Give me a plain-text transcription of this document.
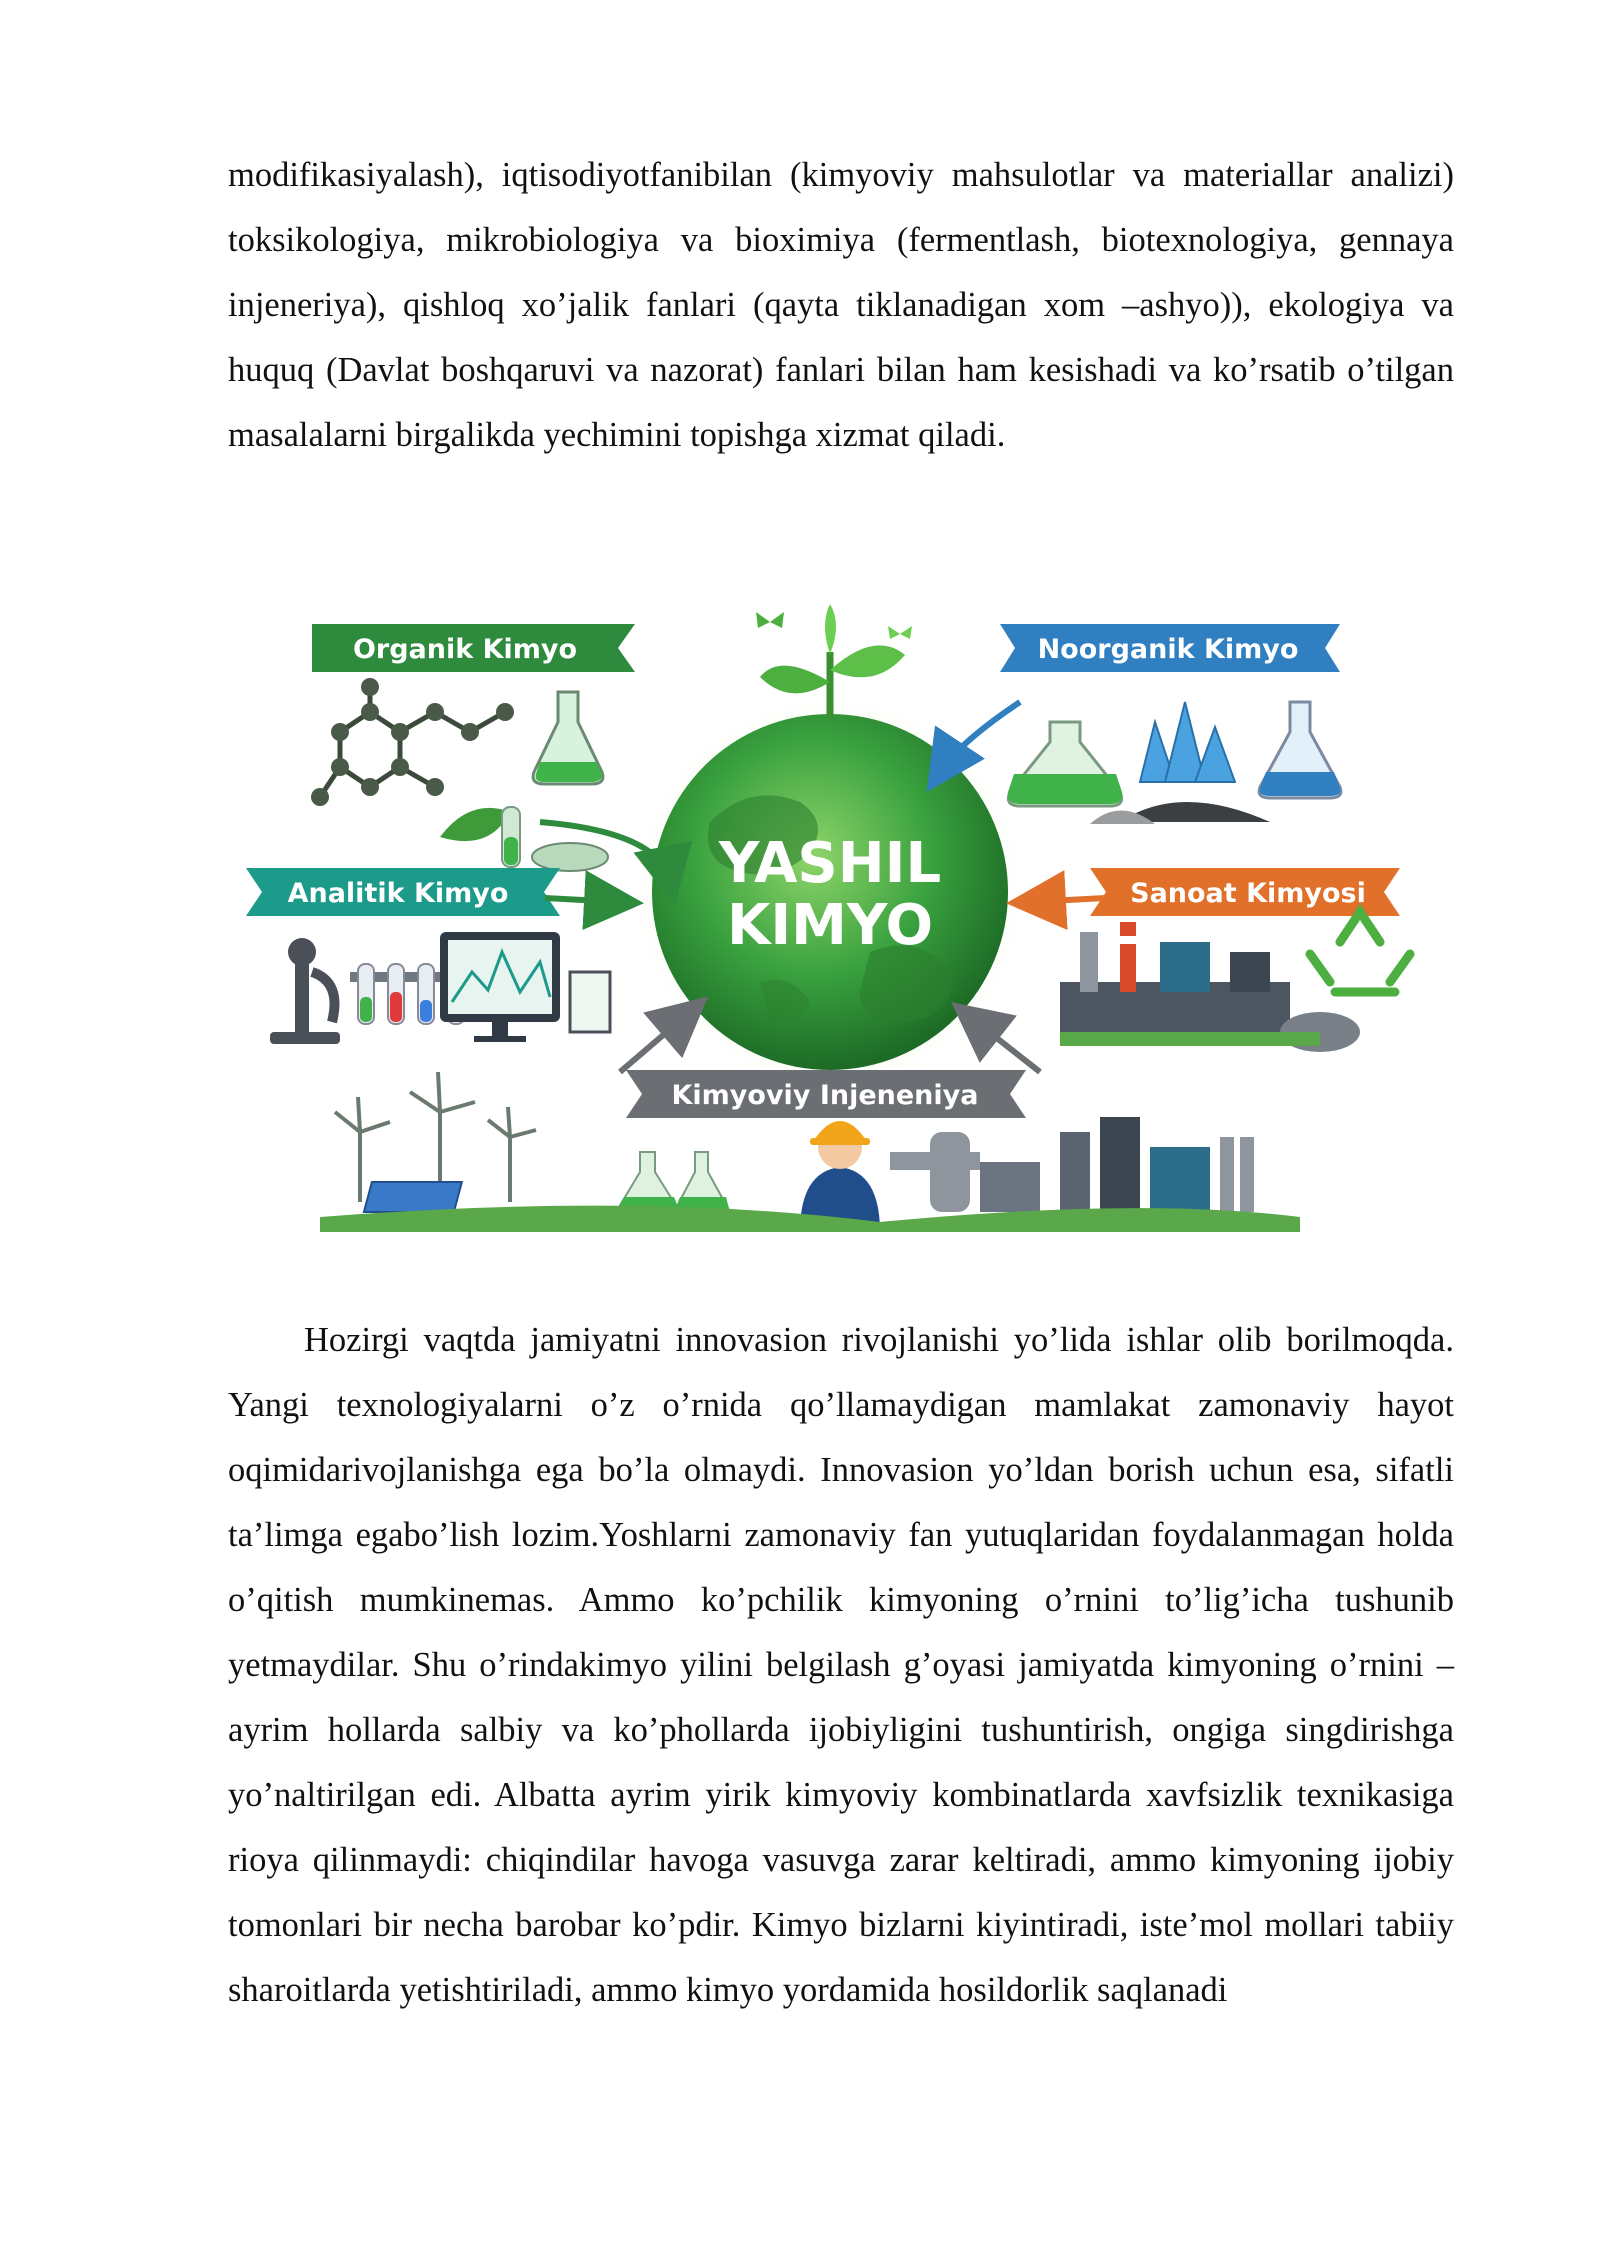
modifikasiyalash), iqtisodiyotfanibilan (kimyoviy mahsulotlar va materiallar analizi) toksikologiya, mikrobiologiya va bioximiya (fermentlash, biotexnologiya, gennaya injeneriya), qishloq xo’jalik fanlari (qayta tiklanadigan xom –ashyo)), ekologiya va huquq (Davlat boshqaruvi va nazorat) fanlari bilan ham kesishadi va ko’rsatib o’tilgan masalalarni birgalikda yechimini topishga xizmat qiladi.

YASHIL
KIMYO
Organik Kimyo	Noorganik Kimyo
Analitik Kimyo	Sanoat Kimyosi
Kimyoviy Injeneniya

Hozirgi vaqtda jamiyatni innovasion rivojlanishi yo’lida ishlar olib borilmoqda. Yangi texnologiyalarni o’z o’rnida qo’llamaydigan mamlakat zamonaviy hayot oqimidarivojlanishga ega bo’la olmaydi. Innovasion yo’ldan borish uchun esa, sifatli ta’limga egabo’lish lozim.Yoshlarni zamonaviy fan yutuqlaridan foydalanmagan holda o’qitish mumkinemas. Ammo ko’pchilik kimyoning o’rnini to’lig’icha tushunib yetmaydilar. Shu o’rindakimyo yilini belgilash g’oyasi jamiyatda kimyoning o’rnini – ayrim hollarda salbiy va ko’phollarda ijobiyligini tushuntirish, ongiga singdirishga yo’naltirilgan edi. Albatta ayrim yirik kimyoviy kombinatlarda xavfsizlik texnikasiga rioya qilinmaydi: chiqindilar havoga vasuvga zarar keltiradi, ammo kimyoning ijobiy tomonlari bir necha barobar ko’pdir. Kimyo bizlarni kiyintiradi, iste’mol mollari tabiiy sharoitlarda yetishtiriladi, ammo kimyo yordamida hosildorlik saqlanadi
